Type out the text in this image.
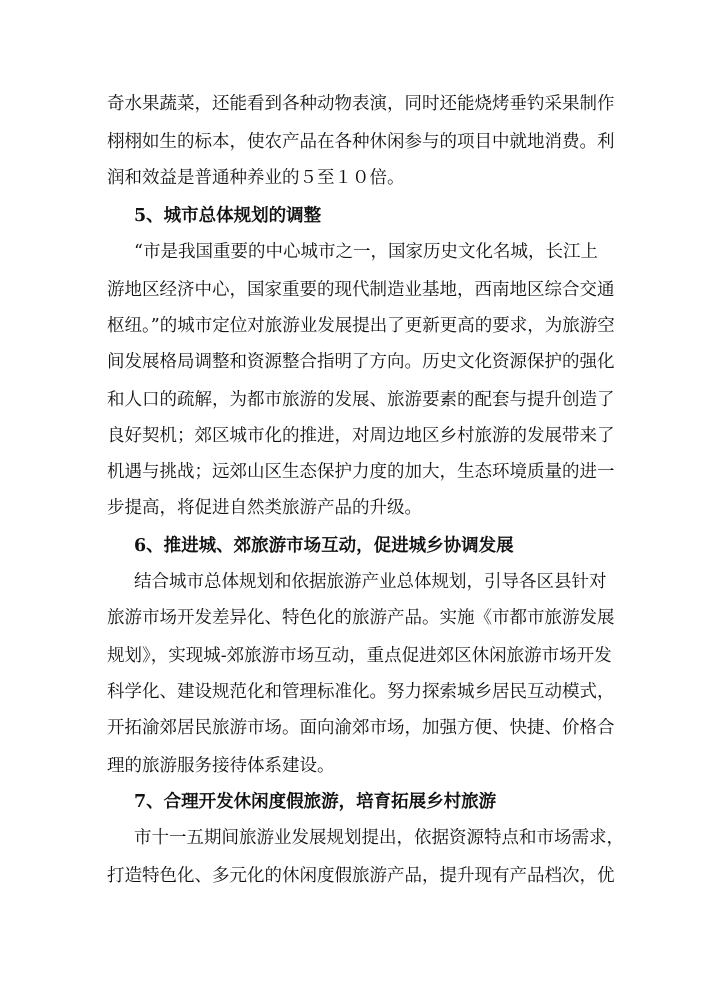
奇水果蔬菜，还能看到各种动物表演，同时还能烧烤垂钓采果制作
栩栩如生的标本，使农产品在各种休闲参与的项目中就地消费。利
润和效益是普通种养业的５至１０倍。
5、城市总体规划的调整
“市是我国重要的中心城市之一，国家历史文化名城，长江上
游地区经济中心，国家重要的现代制造业基地，西南地区综合交通
枢纽。”的城市定位对旅游业发展提出了更新更高的要求，为旅游空
间发展格局调整和资源整合指明了方向。历史文化资源保护的强化
和人口的疏解，为都市旅游的发展、旅游要素的配套与提升创造了
良好契机；郊区城市化的推进，对周边地区乡村旅游的发展带来了
机遇与挑战；远郊山区生态保护力度的加大，生态环境质量的进一
步提高，将促进自然类旅游产品的升级。
6、推进城、郊旅游市场互动，促进城乡协调发展
结合城市总体规划和依据旅游产业总体规划，引导各区县针对
旅游市场开发差异化、特色化的旅游产品。实施《市都市旅游发展
规划》，实现城-郊旅游市场互动，重点促进郊区休闲旅游市场开发
科学化、建设规范化和管理标准化。努力探索城乡居民互动模式，
开拓渝郊居民旅游市场。面向渝郊市场，加强方便、快捷、价格合
理的旅游服务接待体系建设。
7、合理开发休闲度假旅游，培育拓展乡村旅游
市十一五期间旅游业发展规划提出，依据资源特点和市场需求，
打造特色化、多元化的休闲度假旅游产品，提升现有产品档次，优
